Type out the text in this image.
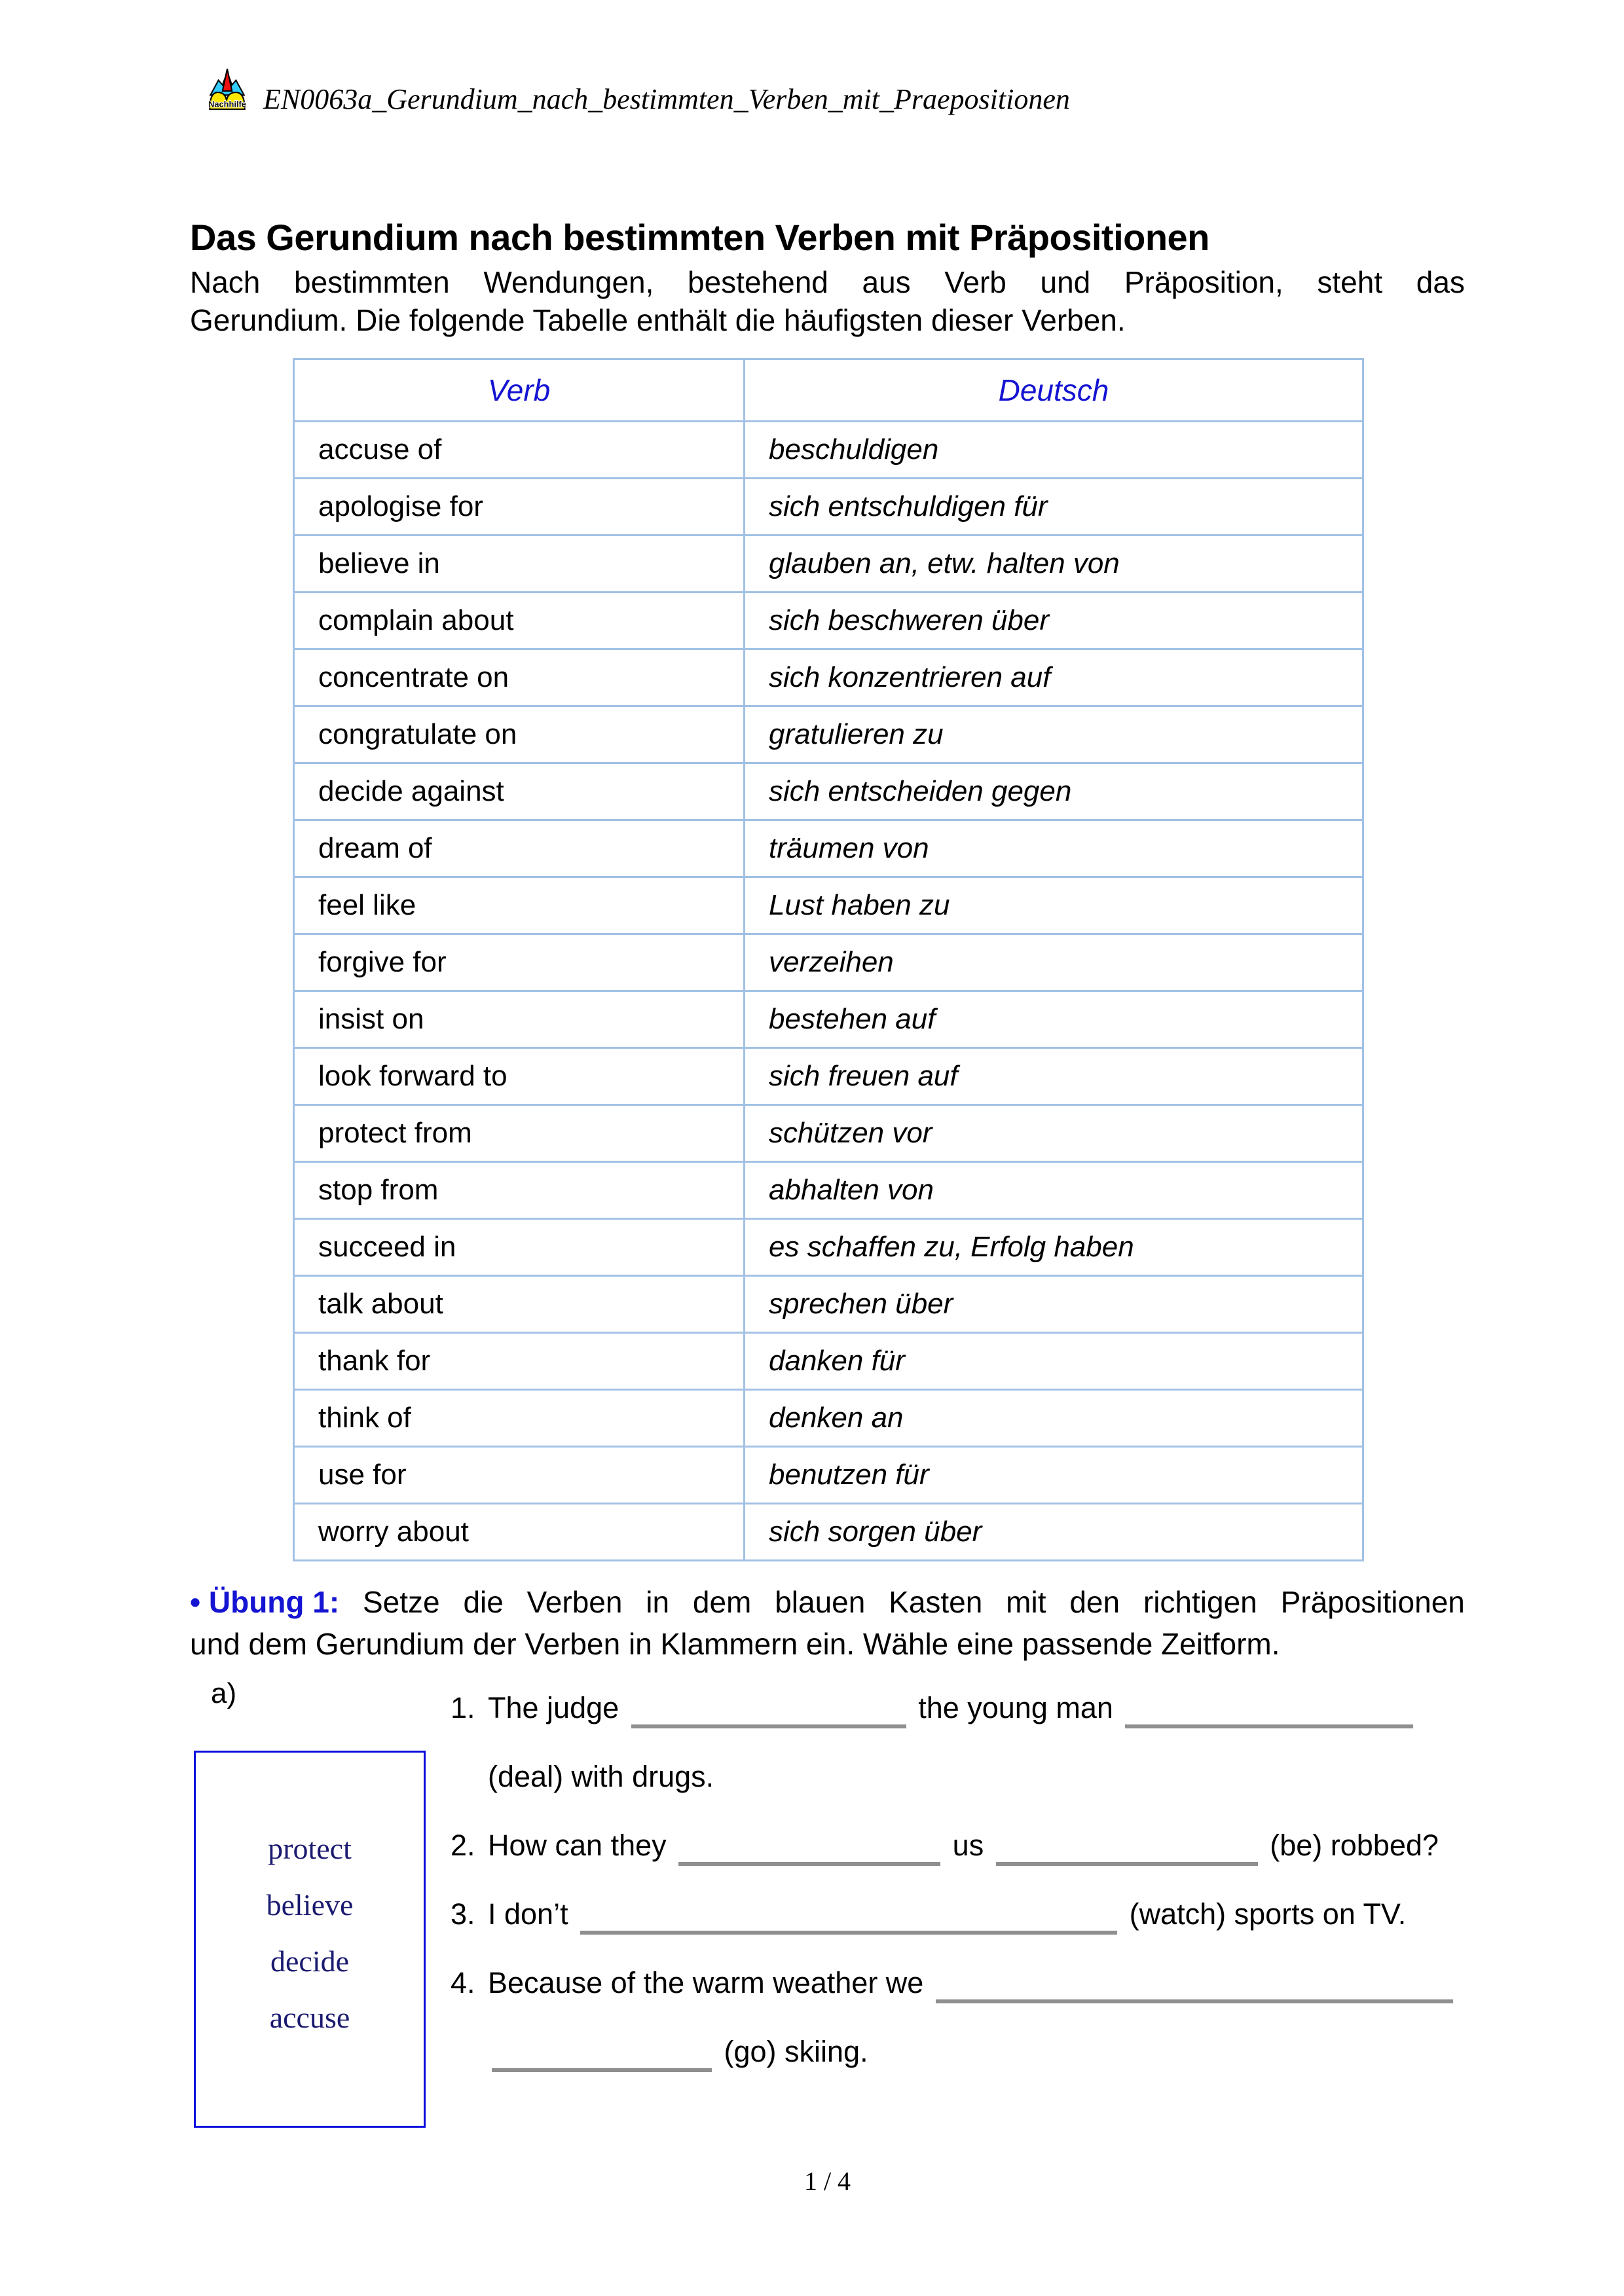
Nachhilfe EN0063a_Gerundium_nach_bestimmten_Verben_mit_Praepositionen
Das Gerundium nach bestimmten Verben mit Präpositionen
Nach bestimmten Wendungen, bestehend aus Verb und Präposition, steht das
Gerundium. Die folgende Tabelle enthält die häufigsten dieser Verben.
Verb	Deutsch
accuse of	beschuldigen
apologise for	sich entschuldigen für
believe in	glauben an, etw. halten von
complain about	sich beschweren über
concentrate on	sich konzentrieren auf
congratulate on	gratulieren zu
decide against	sich entscheiden gegen
dream of	träumen von
feel like	Lust haben zu
forgive for	verzeihen
insist on	bestehen auf
look forward to	sich freuen auf
protect from	schützen vor
stop from	abhalten von
succeed in	es schaffen zu, Erfolg haben
talk about	sprechen über
thank for	danken für
think of	denken an
use for	benutzen für
worry about	sich sorgen über
• Übung 1: Setze die Verben in dem blauen Kasten mit den richtigen Präpositionen
und dem Gerundium der Verben in Klammern ein. Wähle eine passende Zeitform.
a)
protect
believe
decide
accuse
1. The judge	the young man
(deal) with drugs.
2. How can they	us	(be) robbed?
3. I don’t	(watch) sports on TV.
4. Because of the warm weather we
(go) skiing.
1 / 4
